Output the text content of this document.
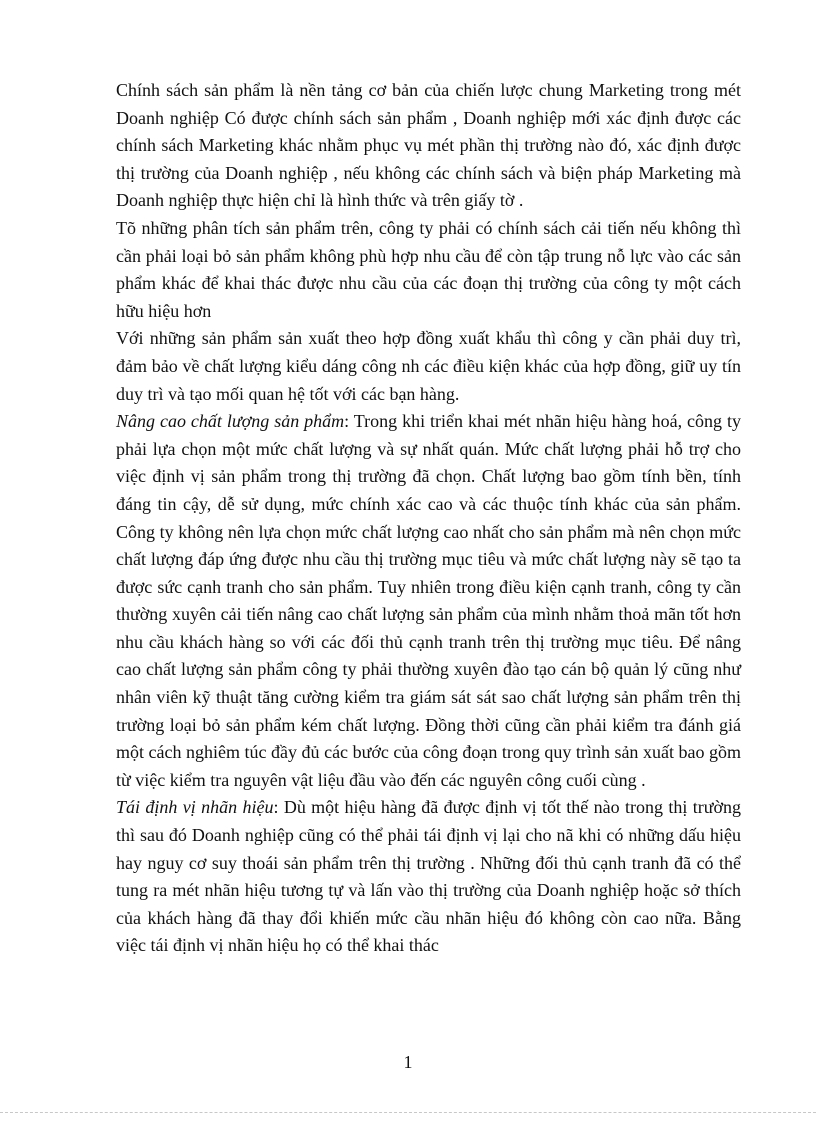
Chính sách sản phẩm là nền tảng cơ bản của chiến lược chung Marketing trong mét Doanh nghiệp Có được chính sách sản phẩm , Doanh nghiệp mới xác định được các chính sách Marketing khác nhằm phục vụ mét phần thị trường nào đó, xác định được thị trường của Doanh nghiệp , nếu không các chính sách và biện pháp Marketing mà Doanh nghiệp thực hiện chỉ là hình thức và trên giấy tờ .

Tõ những phân tích sản phẩm trên, công ty phải có chính sách cải tiến nếu không thì cần phải loại bỏ sản phẩm không phù hợp nhu cầu để còn tập trung nỗ lực vào các sản phẩm khác để khai thác được nhu cầu của các đoạn thị trường của công ty một cách hữu hiệu hơn

Với những sản phẩm sản xuất theo hợp đồng xuất khẩu thì công y cần phải duy trì, đảm bảo về chất lượng kiểu dáng công nh các điều kiện khác của hợp đồng, giữ uy tín duy trì và tạo mối quan hệ tốt với các bạn hàng.

Nâng cao chất lượng sản phẩm: Trong khi triển khai mét nhãn hiệu hàng hoá, công ty phải lựa chọn một mức chất lượng và sự nhất quán. Mức chất lượng phải hỗ trợ cho việc định vị sản phẩm trong thị trường đã chọn. Chất lượng bao gồm tính bền, tính đáng tin cậy, dễ sử dụng, mức chính xác cao và các thuộc tính khác của sản phẩm. Công ty không nên lựa chọn mức chất lượng cao nhất cho sản phẩm mà nên chọn mức chất lượng đáp ứng được nhu cầu thị trường mục tiêu và mức chất lượng này sẽ tạo ta được sức cạnh tranh cho sản phẩm. Tuy nhiên trong điều kiện cạnh tranh, công ty cần thường xuyên cải tiến nâng cao chất lượng sản phẩm của mình nhằm thoả mãn tốt hơn nhu cầu khách hàng so với các đối thủ cạnh tranh trên thị trường mục tiêu. Để nâng cao chất lượng sản phẩm công ty phải thường xuyên đào tạo cán bộ quản lý cũng như nhân viên kỹ thuật tăng cường kiểm tra giám sát sát sao chất lượng sản phẩm trên thị trường loại bỏ sản phẩm kém chất lượng. Đồng thời cũng cần phải kiểm tra đánh giá một cách nghiêm túc đầy đủ các bước của công đoạn trong quy trình sản xuất bao gồm từ việc kiểm tra nguyên vật liệu đầu vào đến các nguyên công cuối cùng .

Tái định vị nhãn hiệu: Dù một hiệu hàng đã được định vị tốt thế nào trong thị trường thì sau đó Doanh nghiệp cũng có thể phải tái định vị lại cho nã khi có những dấu hiệu hay nguy cơ suy thoái sản phẩm trên thị trường . Những đối thủ cạnh tranh đã có thể tung ra mét nhãn hiệu tương tự và lấn vào thị trường của Doanh nghiệp hoặc sở thích của khách hàng đã thay đổi khiến mức cầu nhãn hiệu đó không còn cao nữa. Bằng việc tái định vị nhãn hiệu họ có thể khai thác

1
